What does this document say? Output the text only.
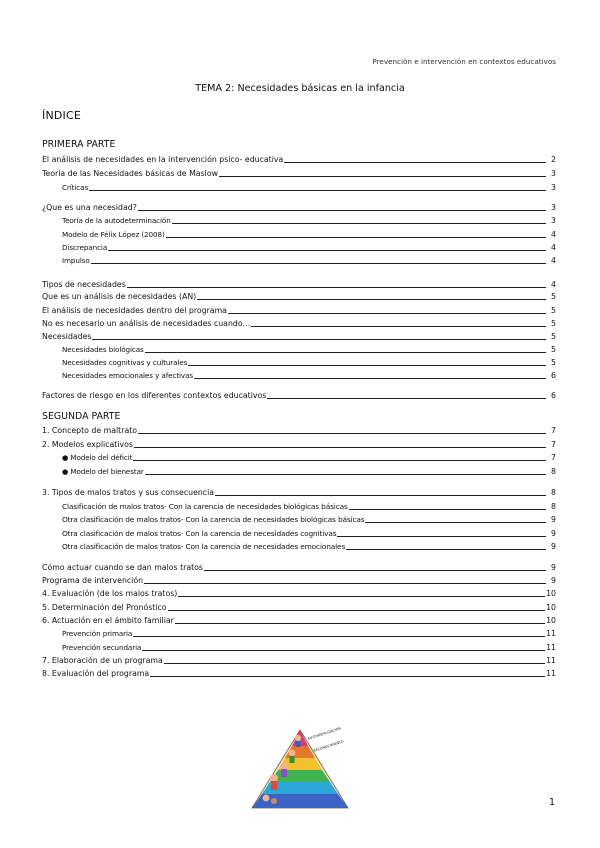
Prevención e intervención en contextos educativos
TEMA 2: Necesidades básicas en la infancia
ÍNDICE
PRIMERA PARTE
SEGUNDA PARTE
El análisis de necesidades en la intervención psico- educativa	2
Teoría de las Necesidades básicas de Maslow	3
Críticas	3
¿Que es una necesidad?	3
Teoría de la autodeterminación	3
Modelo de Félix López (2008)	4
Discrepancia	4
Impulso	4
Tipos de necesidades	4
Que es un análisis de necesidades (AN)	5
El análisis de necesidades dentro del programa	5
No es necesario un análisis de necesidades cuando…	5
Necesidades	5
Necesidades biológicas	5
Necesidades cognitivas y culturales	5
Necesidades emocionales y afectivas	6
Factores de riesgo en los diferentes contextos educativos	6
1. Concepto de maltrato	7
2. Modelos explicativos	7
● Modelo del déficit	7
● Modelo del bienestar	8
3. Tipos de malos tratos y sus consecuencia	8
Clasificación de malos tratos- Con la carencia de necesidades biológicas básicas	8
Otra clasificación de malos tratos- Con la carencia de necesidades biológicas básicas	9
Otra clasificación de malos tratos- Con la carencia de necesidades cognitivas	9
Otra clasificación de malos tratos- Con la carencia de necesidades emocionales	9
Cómo actuar cuando se dan malos tratos	9
Programa de intervención	9
4. Evaluación (de los malos tratos)	10
5. Determinación del Pronóstico	10
6. Actuación en el ámbito familiar	10
Prevención primaria	11
Prevención secundaria	11
7. Elaboración de un programa	11
8. Evaluación del programa	11
AUTORREALIZACIÓN
RECONOCIMIENTO
1
